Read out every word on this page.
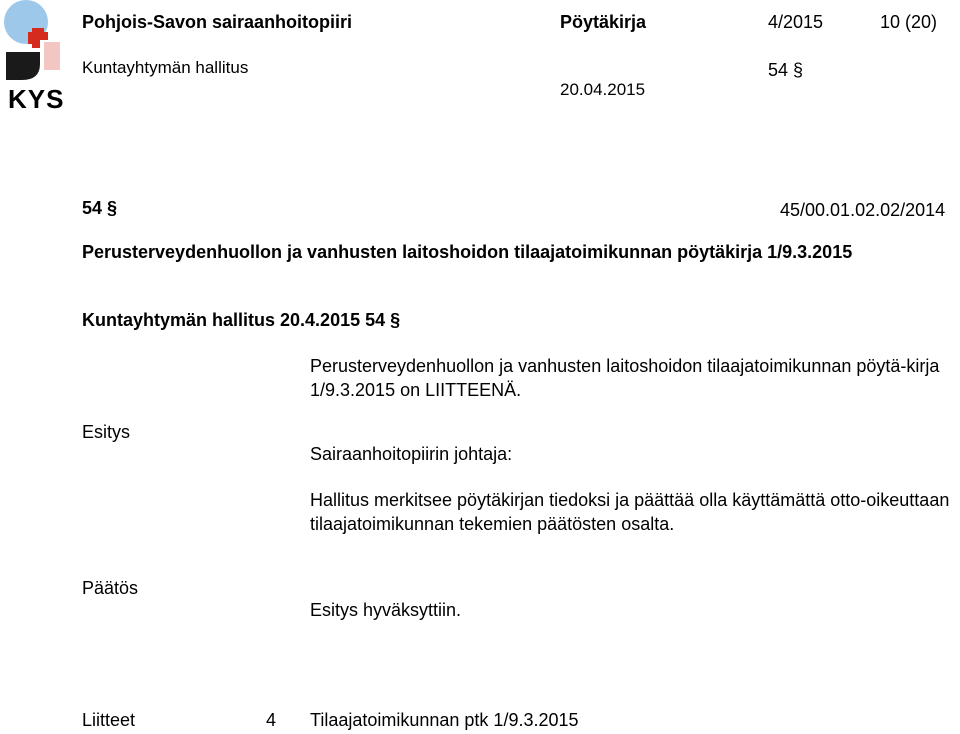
KYS
Pohjois-Savon sairaanhoitopiiri	Pöytäkirja	4/2015	10 (20)
Kuntayhtymän hallitus	54 §
20.04.2015
54 §	45/00.01.02.02/2014
Perusterveydenhuollon ja vanhusten laitoshoidon tilaajatoimikunnan pöytäkirja 1/9.3.2015
Kuntayhtymän hallitus 20.4.2015 54 §
Perusterveydenhuollon ja vanhusten laitoshoidon tilaajatoimikunnan pöytä-kirja 1/9.3.2015 on LIITTEENÄ.
Esitys
Sairaanhoitopiirin johtaja:
Hallitus merkitsee pöytäkirjan tiedoksi ja päättää olla käyttämättä otto-oikeuttaan tilaajatoimikunnan tekemien päätösten osalta.
Päätös
Esitys hyväksyttiin.
Liitteet	4 Tilaajatoimikunnan ptk 1/9.3.2015
